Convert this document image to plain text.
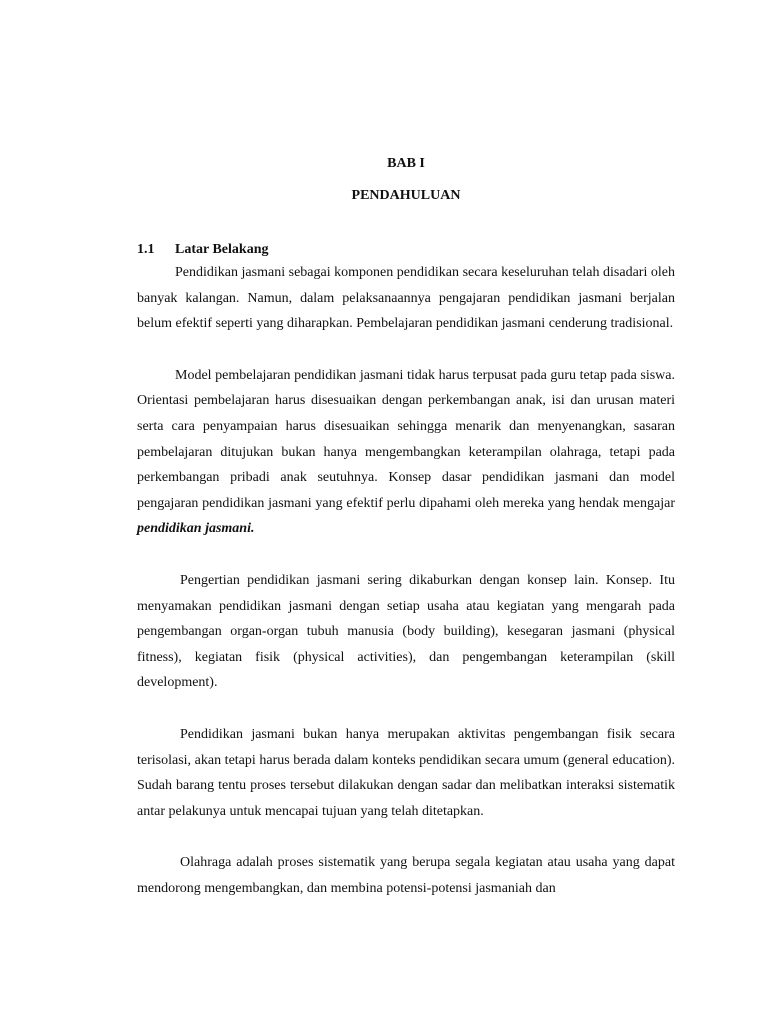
BAB I
PENDAHULUAN
1.1	Latar Belakang

Pendidikan jasmani sebagai komponen pendidikan secara keseluruhan telah disadari oleh banyak kalangan. Namun, dalam pelaksanaannya pengajaran pendidikan jasmani berjalan belum efektif seperti yang diharapkan. Pembelajaran pendidikan jasmani cenderung tradisional.

Model pembelajaran pendidikan jasmani tidak harus terpusat pada guru tetap pada siswa. Orientasi pembelajaran harus disesuaikan dengan perkembangan anak, isi dan urusan materi serta cara penyampaian harus disesuaikan sehingga menarik dan menyenangkan, sasaran pembelajaran ditujukan bukan hanya mengembangkan keterampilan olahraga, tetapi pada perkembangan pribadi anak seutuhnya. Konsep dasar pendidikan jasmani dan model pengajaran pendidikan jasmani yang efektif perlu dipahami oleh mereka yang hendak mengajar pendidikan jasmani.

Pengertian pendidikan jasmani sering dikaburkan dengan konsep lain. Konsep. Itu menyamakan pendidikan jasmani dengan setiap usaha atau kegiatan yang mengarah pada pengembangan organ-organ tubuh manusia (body building), kesegaran jasmani (physical fitness), kegiatan fisik (physical activities), dan pengembangan keterampilan (skill development).

Pendidikan jasmani bukan hanya merupakan aktivitas pengembangan fisik secara terisolasi, akan tetapi harus berada dalam konteks pendidikan secara umum (general education). Sudah barang tentu proses tersebut dilakukan dengan sadar dan melibatkan interaksi sistematik antar pelakunya untuk mencapai tujuan yang telah ditetapkan.

Olahraga adalah proses sistematik yang berupa segala kegiatan atau usaha yang dapat mendorong mengembangkan, dan membina potensi-potensi jasmaniah dan
